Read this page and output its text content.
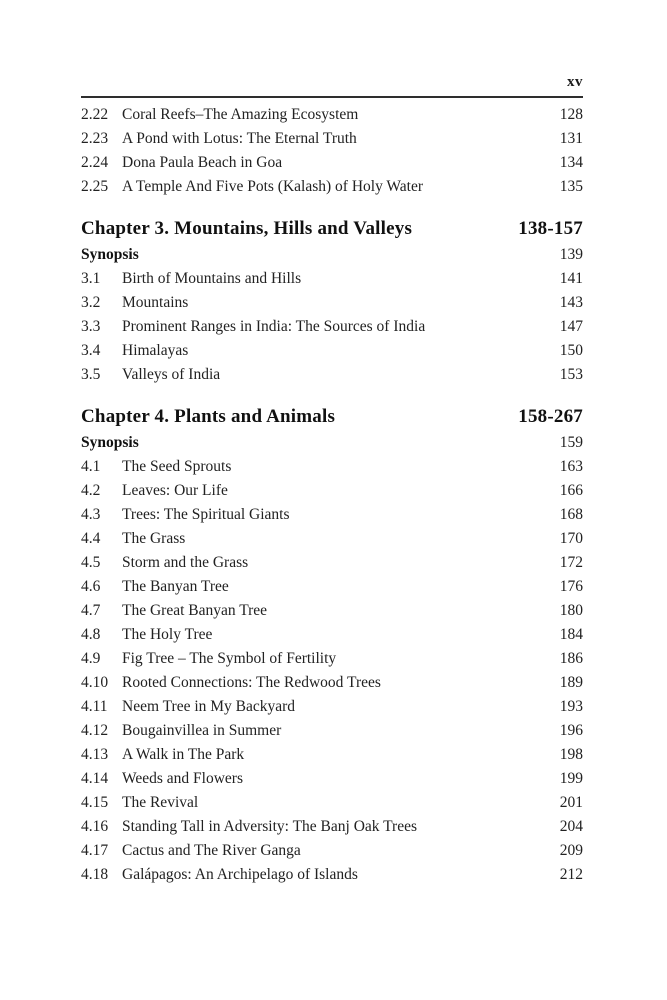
xv
2.22 Coral Reefs–The Amazing Ecosystem	128
2.23 A Pond with Lotus: The Eternal Truth	131
2.24 Dona Paula Beach in Goa	134
2.25 A Temple And Five Pots (Kalash) of Holy Water	135
Chapter 3. Mountains, Hills and Valleys	138-157
Synopsis	139
3.1	Birth of Mountains and Hills	141
3.2	Mountains	143
3.3	Prominent Ranges in India: The Sources of India	147
3.4	Himalayas	150
3.5	Valleys of India	153
Chapter 4. Plants and Animals	158-267
Synopsis	159
4.1	The Seed Sprouts	163
4.2	Leaves: Our Life	166
4.3	Trees: The Spiritual Giants	168
4.4	The Grass	170
4.5	Storm and the Grass	172
4.6	The Banyan Tree	176
4.7	The Great Banyan Tree	180
4.8	The Holy Tree	184
4.9	Fig Tree – The Symbol of Fertility	186
4.10 Rooted Connections: The Redwood Trees	189
4.11 Neem Tree in My Backyard	193
4.12 Bougainvillea in Summer	196
4.13 A Walk in The Park	198
4.14 Weeds and Flowers	199
4.15 The Revival	201
4.16 Standing Tall in Adversity: The Banj Oak Trees	204
4.17 Cactus and The River Ganga	209
4.18 Galápagos: An Archipelago of Islands	212
